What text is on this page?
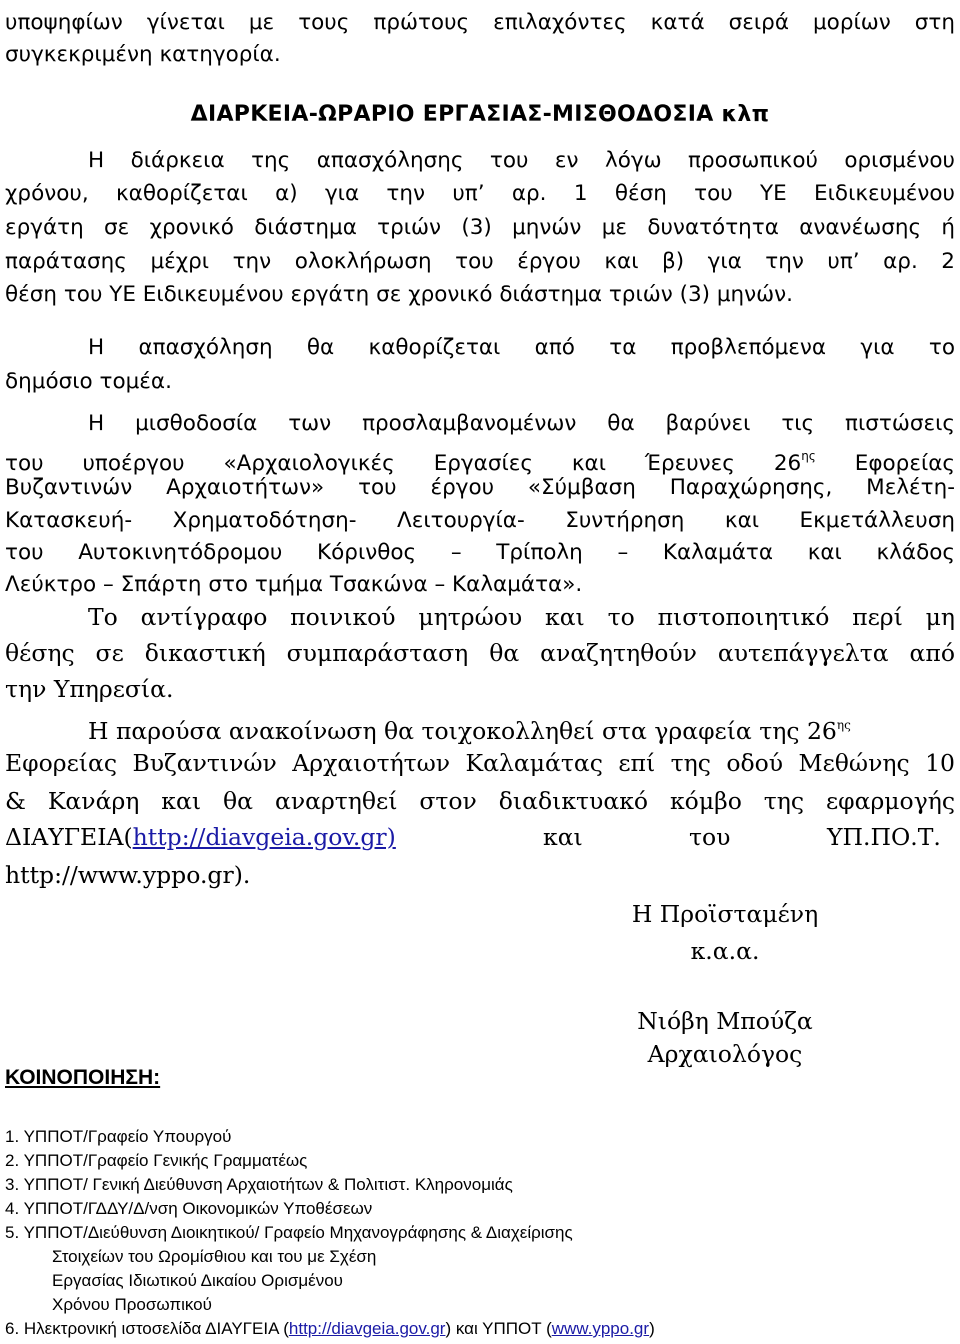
υποψηφίων γίνεται με τους πρώτους επιλαχόντες κατά σειρά μορίων στη
συγκεκριμένη κατηγορία.
ΔΙΑΡΚΕΙΑ-ΩΡΑΡΙΟ ΕΡΓΑΣΙΑΣ-ΜΙΣΘΟΔΟΣΙΑ κλπ
Η διάρκεια της απασχόλησης του εν λόγω προσωπικού ορισμένου
χρόνου, καθορίζεται α) για την υπ’ αρ. 1 θέση του ΥΕ Ειδικευμένου
εργάτη σε χρονικό διάστημα τριών (3) μηνών με δυνατότητα ανανέωσης ή
παράτασης μέχρι την ολοκλήρωση του έργου και β) για την υπ’ αρ. 2
θέση του ΥΕ Ειδικευμένου εργάτη σε χρονικό διάστημα τριών (3) μηνών.
Η απασχόληση θα καθορίζεται από τα προβλεπόμενα για το
δημόσιο τομέα.
Η μισθοδοσία των προσλαμβανομένων θα βαρύνει τις πιστώσεις
του υποέργου «Αρχαιολογικές Εργασίες και Έρευνες $26^{\eta\varsigma}$ Εφορείας
Βυζαντινών Αρχαιοτήτων» του έργου «Σύμβαση Παραχώρησης, Μελέτη-
Κατασκευή- Χρηματοδότηση- Λειτουργία- Συντήρηση και Εκμετάλλευση
του Αυτοκινητόδρομου Κόρινθος – Τρίπολη – Καλαμάτα και κλάδος
Λεύκτρο – Σπάρτη στο τμήμα Τσακώνα – Καλαμάτα».
Το αντίγραφο ποινικού μητρώου και το πιστοποιητικό περί μη
θέσης σε δικαστική συμπαράσταση θα αναζητηθούν αυτεπάγγελτα από
την Υπηρεσία.
Η παρούσα ανακοίνωση θα τοιχοκολληθεί στα γραφεία της $26^{\eta\varsigma}$
Εφορείας Βυζαντινών Αρχαιοτήτων Καλαμάτας επί της οδού Μεθώνης 10
& Κανάρη και θα αναρτηθεί στον διαδικτυακό κόμβο της εφαρμογής
ΔΙΑΥΓΕΙΑ(http://diavgeia.gov.gr)	και	του	ΥΠ.ΠΟ.Τ.
http://www.yppo.gr).
Η Προϊσταμένη
κ.α.α.
Νιόβη Μπούζα
Αρχαιολόγος
ΚΟΙΝΟΠΟΙΗΣΗ:
1. ΥΠΠΟΤ/Γραφείο Υπουργού
2. ΥΠΠΟΤ/Γραφείο Γενικής Γραμματέως
3. ΥΠΠΟΤ/ Γενική Διεύθυνση Αρχαιοτήτων & Πολιτιστ. Κληρονομιάς
4. ΥΠΠΟΤ/ΓΔΔΥ/Δ/νση Οικονομικών Υποθέσεων
5. ΥΠΠΟΤ/Διεύθυνση Διοικητικού/ Γραφείο Μηχανογράφησης & Διαχείρισης
Στοιχείων του Ωρομίσθιου και του με Σχέση
Εργασίας Ιδιωτικού Δικαίου Ορισμένου
Χρόνου Προσωπικού
6. Ηλεκτρονική ιστοσελίδα ΔΙΑΥΓΕΙΑ (http://diavgeia.gov.gr) και ΥΠΠΟΤ (www.yppo.gr)
